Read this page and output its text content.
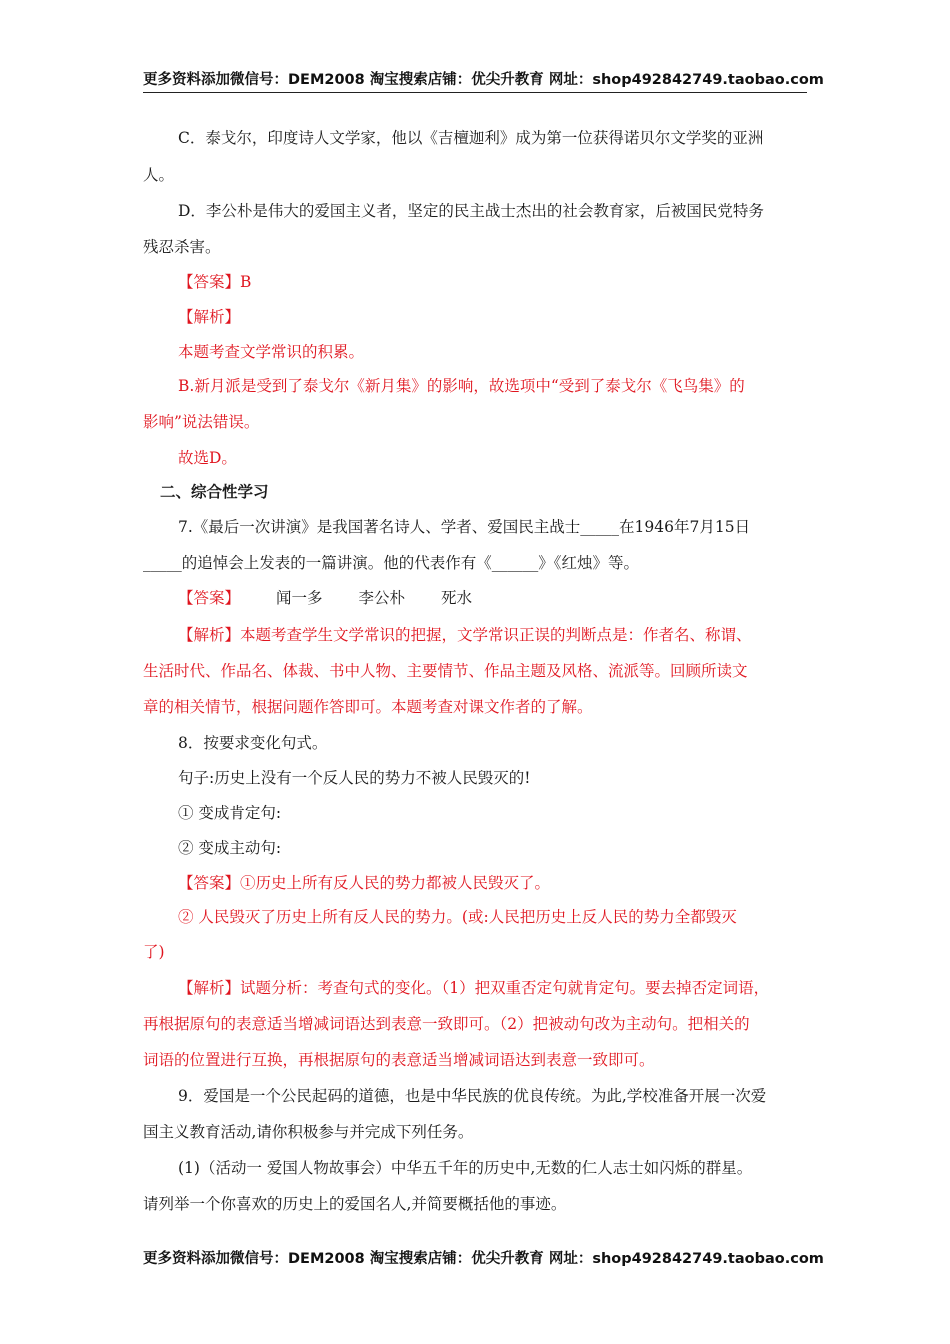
更多资料添加微信号：DEM2008 淘宝搜索店铺：优尖升教育 网址：shop492842749.taobao.com
C．泰戈尔，印度诗人文学家，他以《吉檀迦利》成为第一位获得诺贝尔文学奖的亚洲
人。
D．李公朴是伟大的爱国主义者，坚定的民主战士杰出的社会教育家，后被国民党特务
残忍杀害。
【答案】B
【解析】
本题考查文学常识的积累。
B.新月派是受到了泰戈尔《新月集》的影响，故选项中“受到了泰戈尔《飞鸟集》的
影响”说法错误。
故选D。
二、综合性学习
7.《最后一次讲演》是我国著名诗人、学者、爱国民主战士_____在1946年7月15日
_____的追悼会上发表的一篇讲演。他的代表作有《______》《红烛》等。
【答案】 闻一多 李公朴 死水
【解析】本题考查学生文学常识的把握，文学常识正误的判断点是：作者名、称谓、
生活时代、作品名、体裁、书中人物、主要情节、作品主题及风格、流派等。回顾所读文
章的相关情节，根据问题作答即可。本题考查对课文作者的了解。
8．按要求变化句式。
句子:历史上没有一个反人民的势力不被人民毁灭的!
① 变成肯定句:
② 变成主动句:
【答案】①历史上所有反人民的势力都被人民毁灭了。
② 人民毁灭了历史上所有反人民的势力。(或:人民把历史上反人民的势力全都毁灭
了)
【解析】试题分析：考查句式的变化。（1）把双重否定句就肯定句。要去掉否定词语，
再根据原句的表意适当增减词语达到表意一致即可。（2）把被动句改为主动句。把相关的
词语的位置进行互换，再根据原句的表意适当增减词语达到表意一致即可。
9．爱国是一个公民起码的道德，也是中华民族的优良传统。为此,学校准备开展一次爱
国主义教育活动,请你积极参与并完成下列任务。
(1)（活动一 爱国人物故事会）中华五千年的历史中,无数的仁人志士如闪烁的群星。
请列举一个你喜欢的历史上的爱国名人,并简要概括他的事迹。
更多资料添加微信号：DEM2008 淘宝搜索店铺：优尖升教育 网址：shop492842749.taobao.com
